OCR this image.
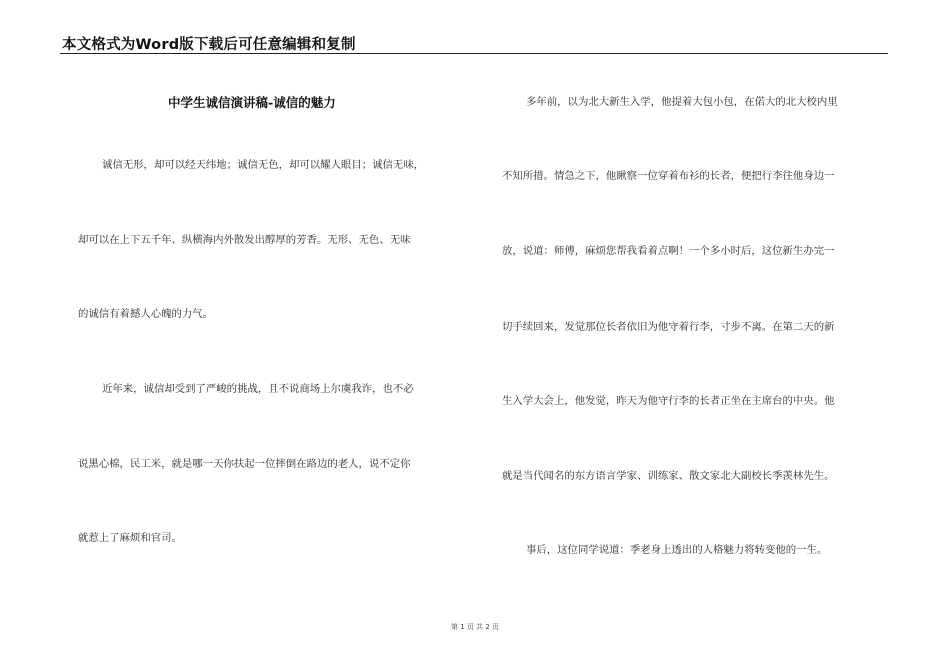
本文格式为Word版下载后可任意编辑和复制
中学生诚信演讲稿-诚信的魅力
诚信无形，却可以经天纬地；诚信无色，却可以耀人眼目；诚信无味，
却可以在上下五千年、纵横海内外散发出醇厚的芳香。无形、无色、无味
的诚信有着撼人心魄的力气。
近年来，诚信却受到了严峻的挑战，且不说商场上尔虞我诈，也不必
说黑心棉，民工米，就是哪一天你扶起一位摔倒在路边的老人，说不定你
就惹上了麻烦和官司。
多年前，以为北大新生入学，他提着大包小包，在偌大的北大校内里
不知所措。情急之下，他瞅察一位穿着布衫的长者，便把行李往他身边一
放，说道：师傅，麻烦您帮我看着点啊！一个多小时后，这位新生办完一
切手续回来，发觉那位长者依旧为他守着行李，寸步不离。在第二天的新
生入学大会上，他发觉，昨天为他守行李的长者正坐在主席台的中央。他
就是当代闻名的东方语言学家、训练家、散文家北大副校长季羡林先生。
事后，这位同学说道：季老身上透出的人格魅力将转变他的一生。
第 1 页 共 2 页
